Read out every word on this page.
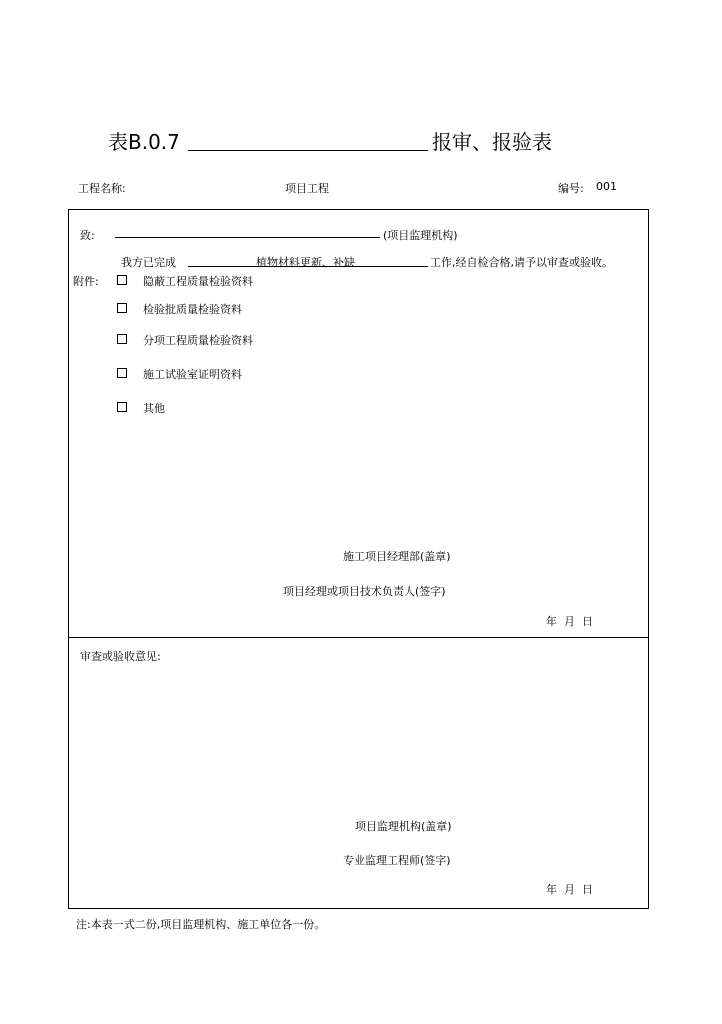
表B.0.7	报审、报验表
工程名称:	项目工程	编号: 001
致:	(项目监理机构)
我方已完成	植物材料更新、补缺	工作,经自检合格,请予以审查或验收。
附件:	隐蔽工程质量检验资料
检验批质量检验资料
分项工程质量检验资料
施工试验室证明资料
其他
施工项目经理部(盖章)
项目经理或项目技术负责人(签字)
年  月  日
审查或验收意见:
项目监理机构(盖章)
专业监理工程师(签字)
年  月  日
注:本表一式二份,项目监理机构、施工单位各一份。
